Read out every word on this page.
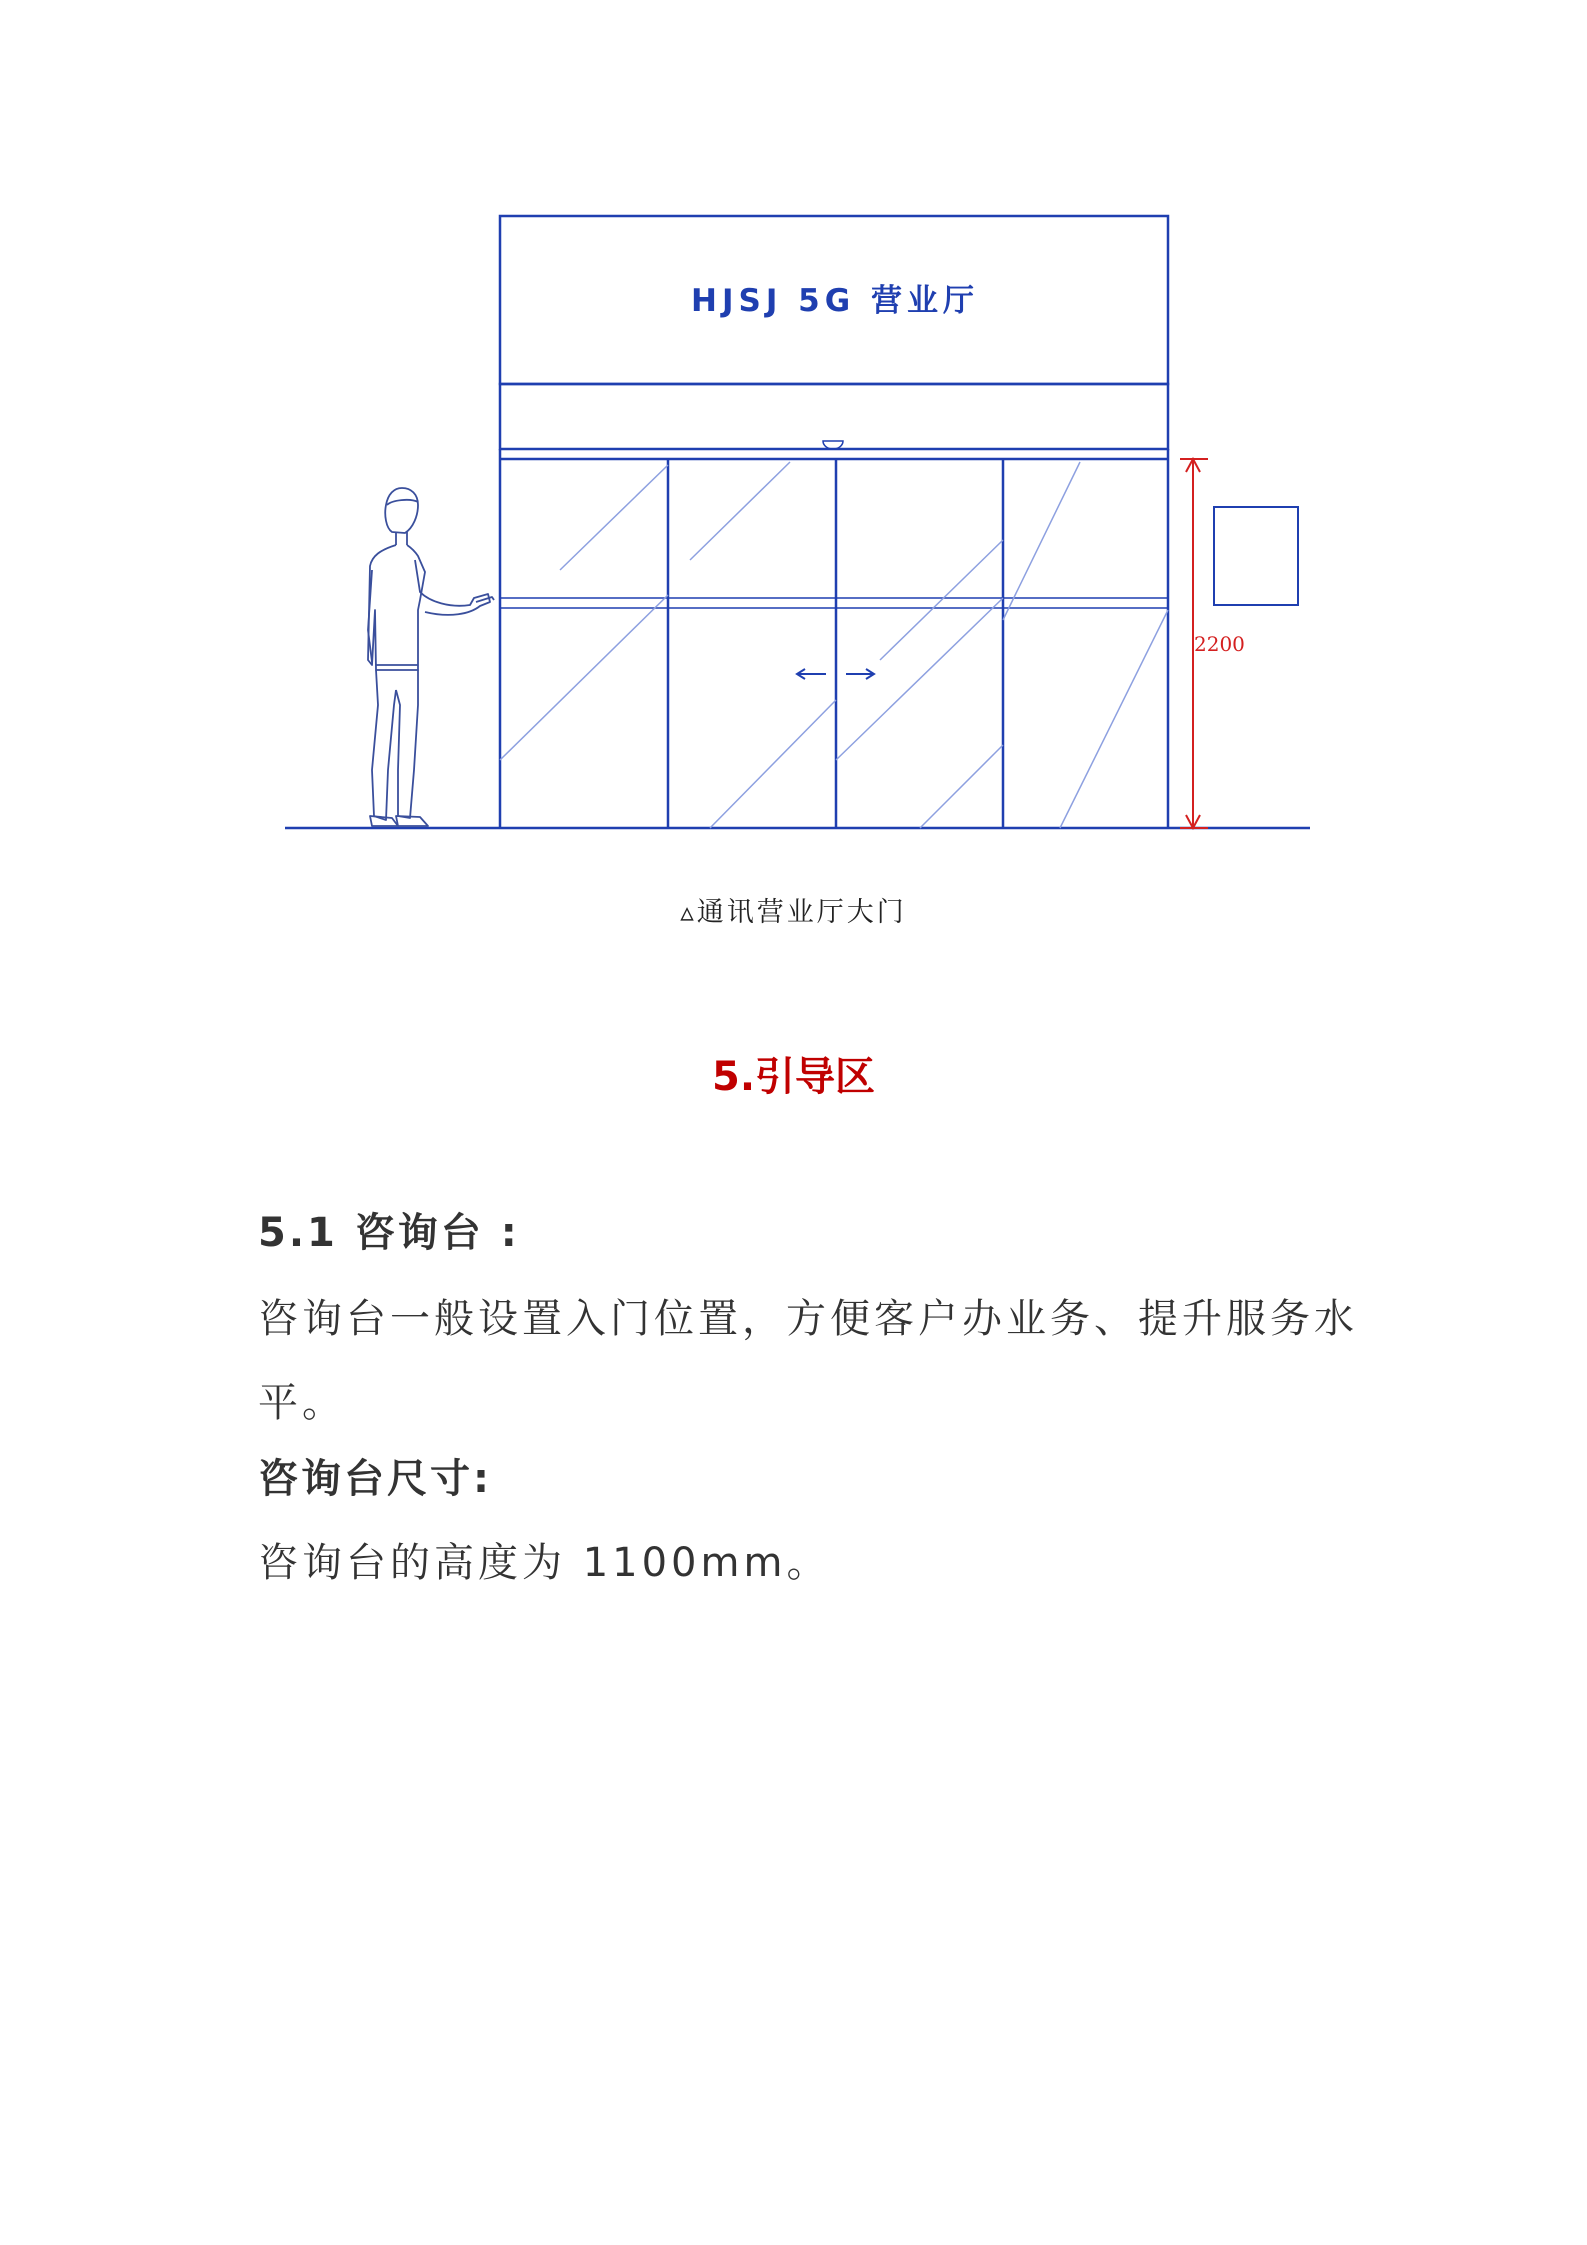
HJSJ 5G 营业厅
2200
▵通讯营业厅大门
5.引导区

5.1 咨询台 :

咨询台一般设置入门位置，方便客户办业务、提升服务水平。

咨询台尺寸:

咨询台的高度为 1100mm。
